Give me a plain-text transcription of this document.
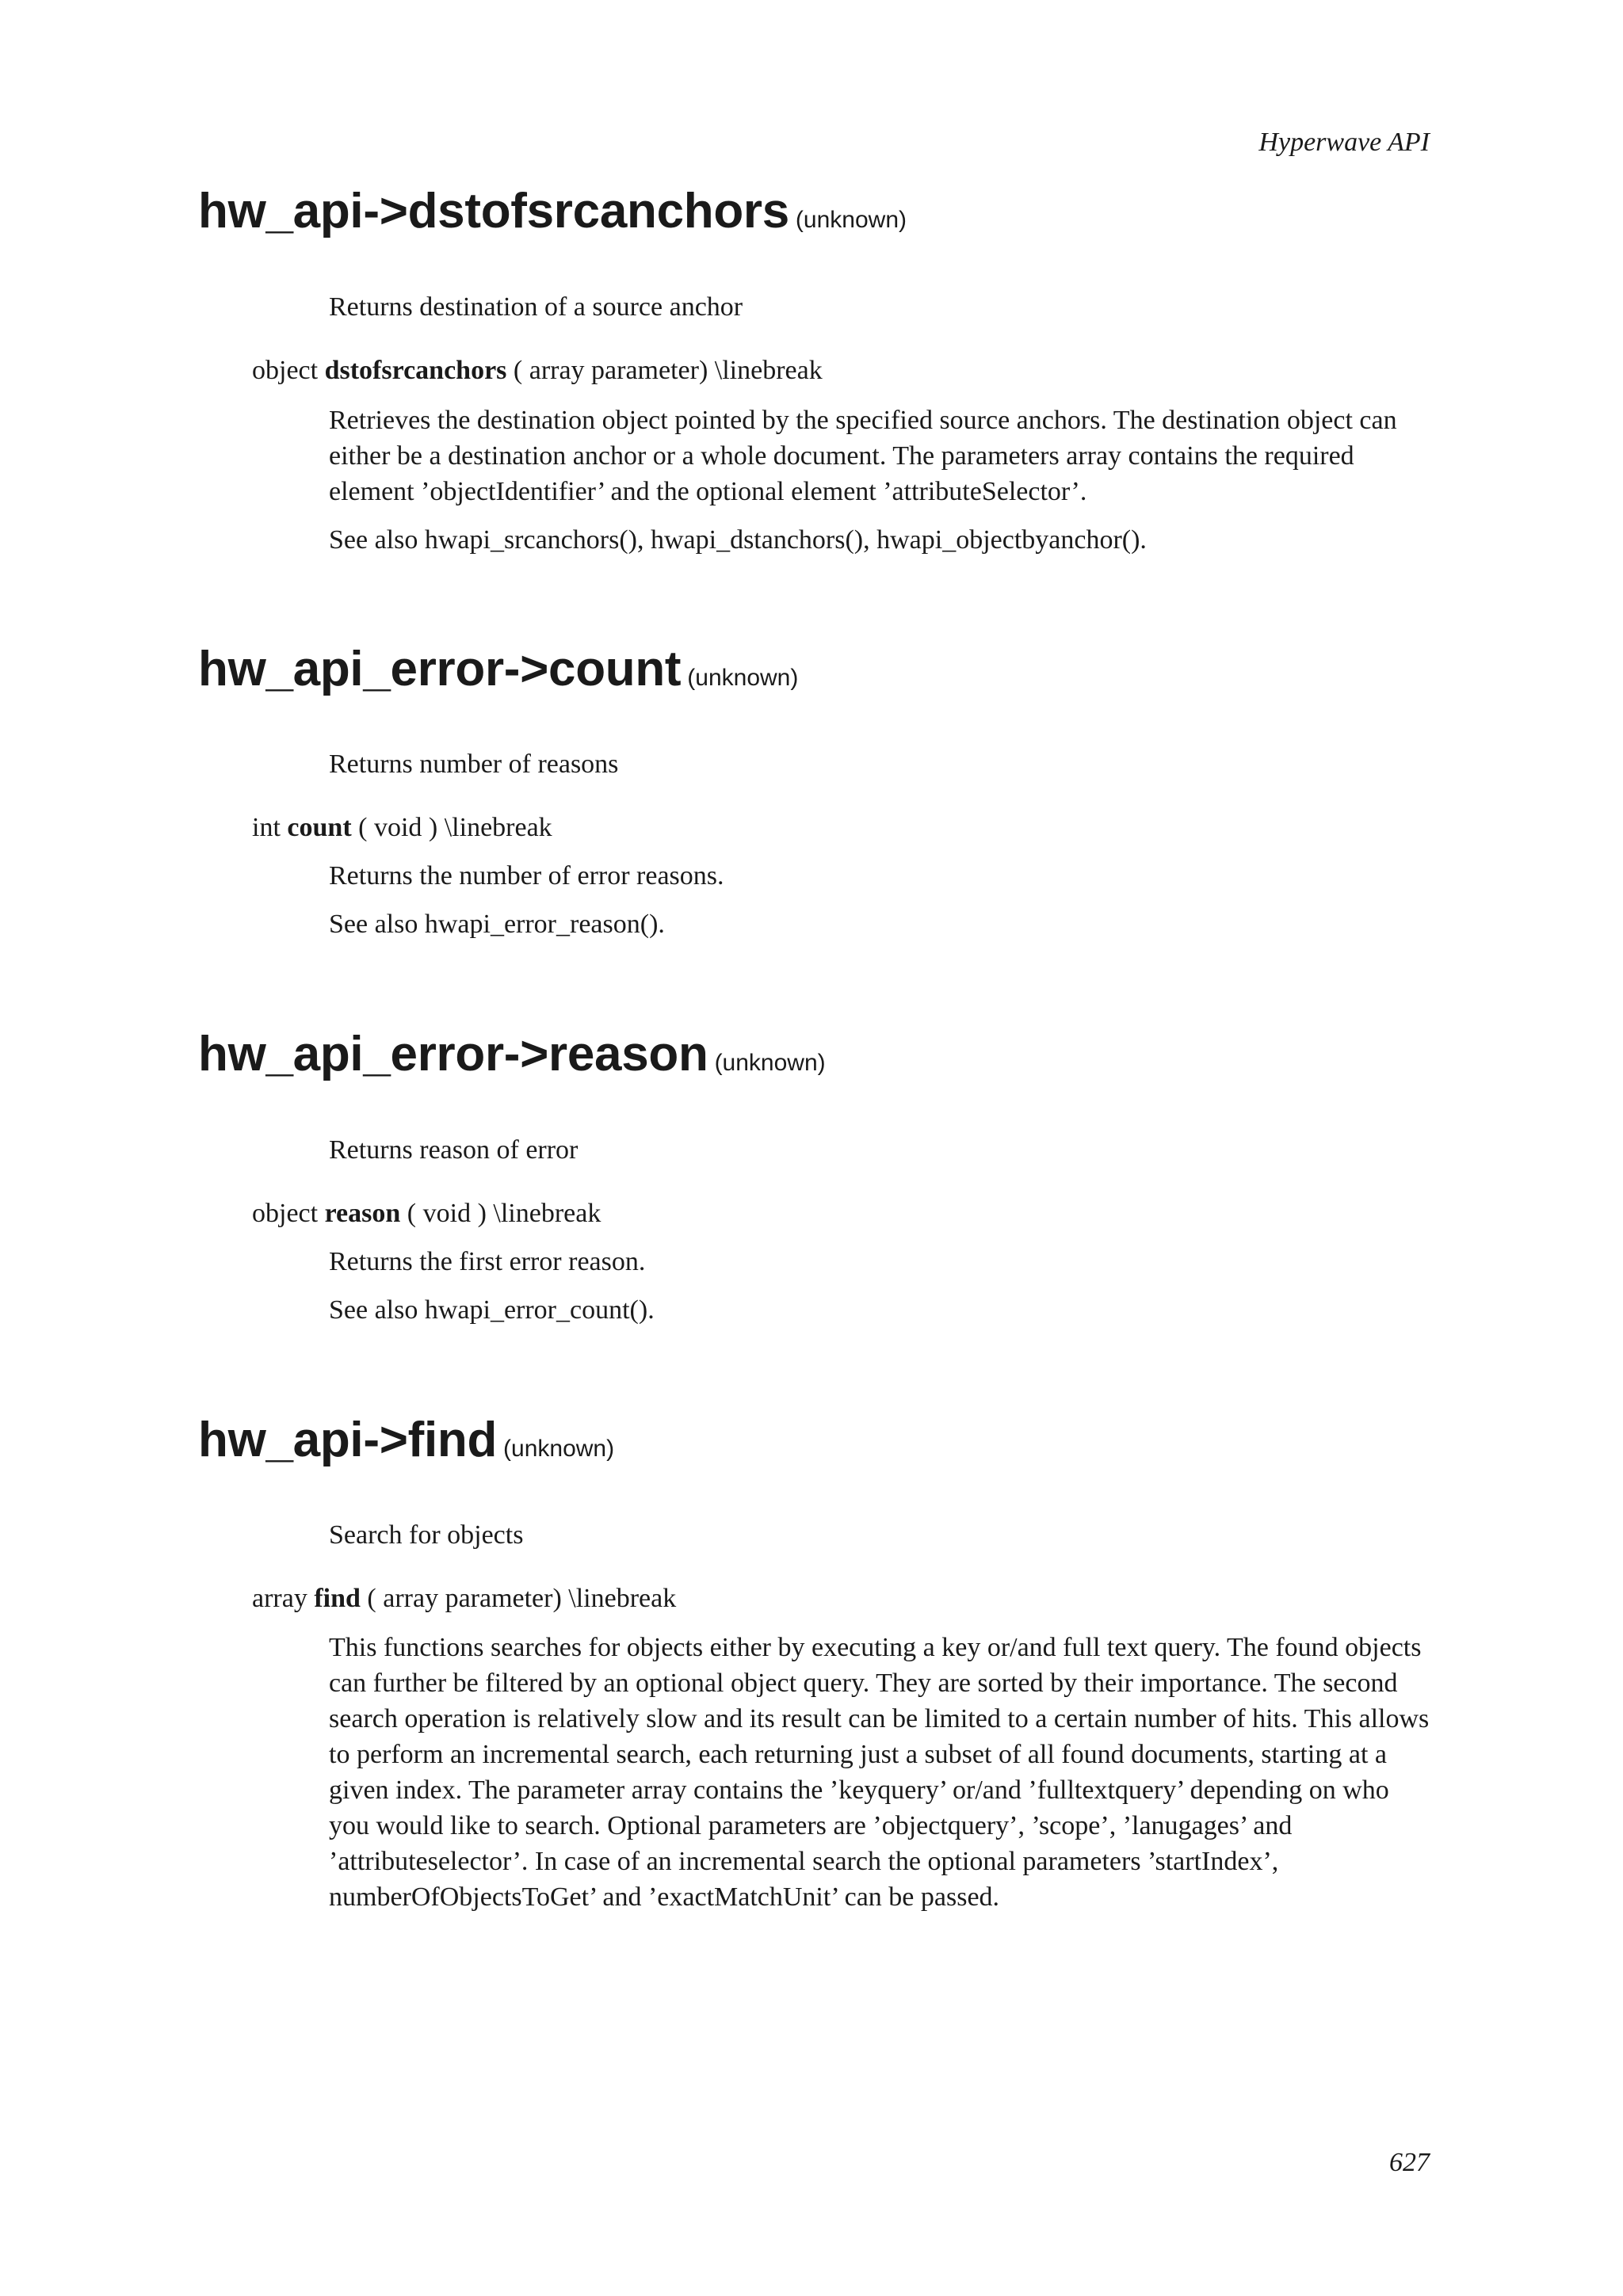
Hyperwave API
hw_api->dstofsrcanchors (unknown)
Returns destination of a source anchor
object dstofsrcanchors ( array parameter) \linebreak

Retrieves the destination object pointed by the specified source anchors. The destination object can either be a destination anchor or a whole document. The parameters array contains the required element ’objectIdentifier’ and the optional element ’attributeSelector’.

See also hwapi_srcanchors(), hwapi_dstanchors(), hwapi_objectbyanchor().

hw_api_error->count (unknown)
Returns number of reasons
int count ( void ) \linebreak

Returns the number of error reasons.

See also hwapi_error_reason().

hw_api_error->reason (unknown)
Returns reason of error
object reason ( void ) \linebreak

Returns the first error reason.

See also hwapi_error_count().

hw_api->find (unknown)
Search for objects
array find ( array parameter) \linebreak

This functions searches for objects either by executing a key or/and full text query. The found objects can further be filtered by an optional object query. They are sorted by their importance. The second search operation is relatively slow and its result can be limited to a certain number of hits. This allows to perform an incremental search, each returning just a subset of all found documents, starting at a given index. The parameter array contains the ’keyquery’ or/and ’fulltextquery’ depending on who you would like to search. Optional parameters are ’objectquery’, ’scope’, ’lanugages’ and ’attributeselector’. In case of an incremental search the optional parameters ’startIndex’, numberOfObjectsToGet’ and ’exactMatchUnit’ can be passed.

627
